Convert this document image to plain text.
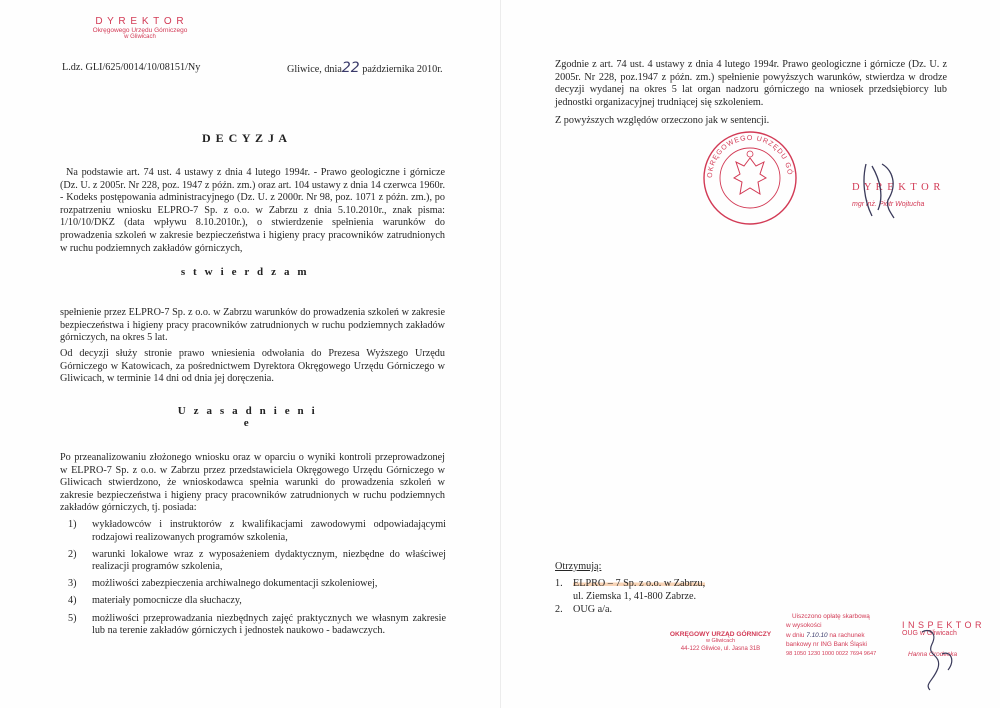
D Y R E K T O R
Okręgowego Urzędu Górniczego
w Gliwicach
L.dz. GLI/625/0014/10/08151/Ny	Gliwice, dnia22 października 2010r.
D E C Y Z J A
Na podstawie art. 74 ust. 4 ustawy z dnia 4 lutego 1994r. - Prawo geologiczne i górnicze (Dz. U. z 2005r. Nr 228, poz. 1947 z późn. zm.) oraz art. 104 ustawy z dnia 14 czerwca 1960r. - Kodeks postępowania administracyjnego (Dz. U. z 2000r. Nr 98, poz. 1071 z późn. zm.), po rozpatrzeniu wniosku ELPRO-7 Sp. z o.o. w Zabrzu z dnia 5.10.2010r., znak pisma: 1/10/10/DKZ (data wpływu 8.10.2010r.), o stwierdzenie spełnienia warunków do prowadzenia szkoleń w zakresie bezpieczeństwa i higieny pracy pracowników zatrudnionych w ruchu podziemnych zakładów górniczych,
s t w i e r d z a m
spełnienie przez ELPRO-7 Sp. z o.o. w Zabrzu warunków do prowadzenia szkoleń w zakresie bezpieczeństwa i higieny pracy pracowników zatrudnionych w ruchu podziemnych zakładów górniczych, na okres 5 lat.
Od decyzji służy stronie prawo wniesienia odwołania do Prezesa Wyższego Urzędu Górniczego w Katowicach, za pośrednictwem Dyrektora Okręgowego Urzędu Górniczego w Gliwicach, w terminie 14 dni od dnia jej doręczenia.
U z a s a d n i e n i e
Po przeanalizowaniu złożonego wniosku oraz w oparciu o wyniki kontroli przeprowadzonej w ELPRO-7 Sp. z o.o. w Zabrzu przez przedstawiciela Okręgowego Urzędu Górniczego w Gliwicach stwierdzono, że wnioskodawca spełnia warunki do prowadzenia szkoleń w zakresie bezpieczeństwa i higieny pracy pracowników zatrudnionych w ruchu podziemnych zakładów górniczych, tj. posiada:
1)	wykładowców i instruktorów z kwalifikacjami zawodowymi odpowiadającymi rodzajowi realizowanych programów szkolenia,
2)	warunki lokalowe wraz z wyposażeniem dydaktycznym, niezbędne do właściwej realizacji programów szkolenia,
3)	możliwości zabezpieczenia archiwalnego dokumentacji szkoleniowej,
4)	materiały pomocnicze dla słuchaczy,
5)	możliwości przeprowadzania niezbędnych zajęć praktycznych we własnym zakresie lub na terenie zakładów górniczych i jednostek naukowo - badawczych.
Zgodnie z art. 74 ust. 4 ustawy z dnia 4 lutego 1994r. Prawo geologiczne i górnicze (Dz. U. z 2005r. Nr 228, poz.1947 z późn. zm.) spełnienie powyższych warunków, stwierdza w drodze decyzji wydanej na okres 5 lat organ nadzoru górniczego na wniosek przedsiębiorcy lub jednostki organizacyjnej trudniącej się szkoleniem.
Z powyższych względów orzeczono jak w sentencji.
OKRĘGOWEGO URZĘDU GÓ
D Y R E K T O R
mgr inż. Piotr Wojtucha
Otrzymują:
1. ELPRO – 7 Sp. z o.o. w Zabrzu,
ul. Ziemska 1, 41-800 Zabrze.
2. OUG a/a.
OKRĘGOWY URZĄD GÓRNICZY
w Gliwicach
44-122 Gliwice, ul. Jasna 31B
Uiszczono opłatę skarbową
w wysokości
w dniu 7.10.10 na rachunek
bankowy nr ING Bank Śląski
98 1050 1230 1000 0022 7694 9647
I N S P E K T O R
OUG w Gliwicach
Hanna Grodecka
